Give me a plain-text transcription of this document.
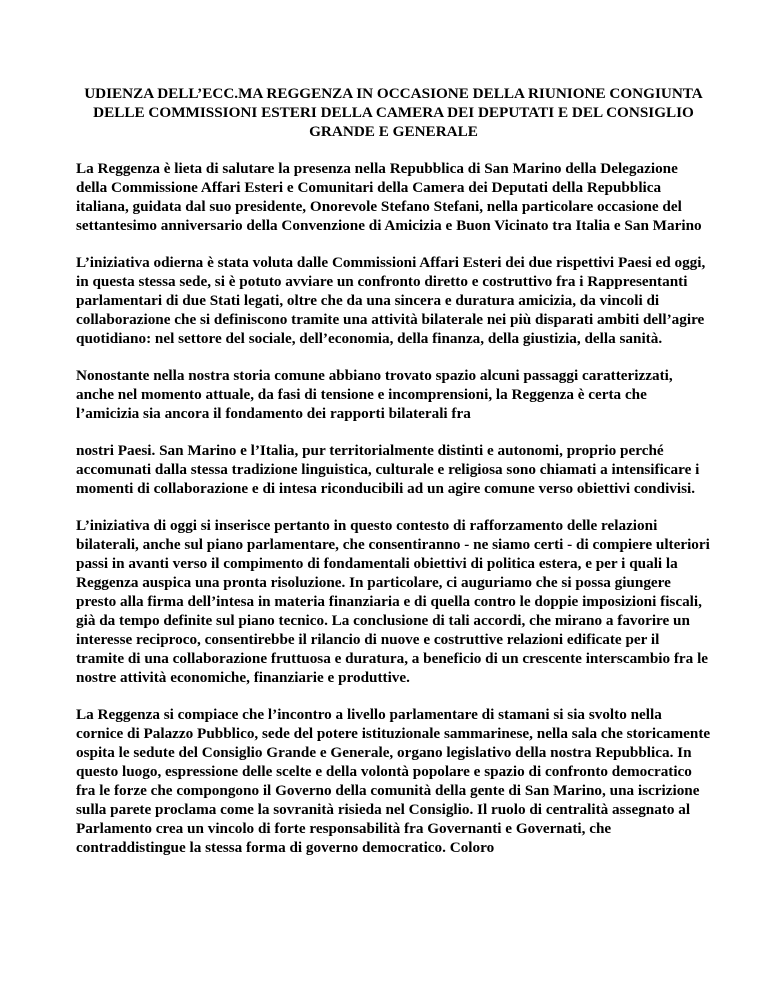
UDIENZA DELL’ECC.MA REGGENZA IN OCCASIONE DELLA RIUNIONE CONGIUNTA DELLE COMMISSIONI ESTERI DELLA CAMERA DEI DEPUTATI E DEL CONSIGLIO GRANDE E GENERALE

La Reggenza è lieta di salutare la presenza nella Repubblica di San Marino della Delegazione della Commissione Affari Esteri e Comunitari della Camera dei Deputati della Repubblica italiana, guidata dal suo presidente, Onorevole Stefano Stefani, nella particolare occasione del settantesimo anniversario della Convenzione di Amicizia e Buon Vicinato tra Italia e San Marino

L’iniziativa odierna è stata voluta dalle Commissioni Affari Esteri dei due rispettivi Paesi ed oggi, in questa stessa sede, si è potuto avviare un confronto diretto e costruttivo fra i Rappresentanti parlamentari di due Stati legati, oltre che da una sincera e duratura amicizia, da vincoli di collaborazione che si definiscono tramite una attività bilaterale nei più disparati ambiti dell’agire quotidiano: nel settore del sociale, dell’economia, della finanza, della giustizia, della sanità.

Nonostante nella nostra storia comune abbiano trovato spazio alcuni passaggi caratterizzati, anche nel momento attuale, da fasi di tensione e incomprensioni, la Reggenza è certa che l’amicizia sia ancora il fondamento dei rapporti bilaterali fra

nostri Paesi. San Marino e l’Italia, pur territorialmente distinti e autonomi, proprio perché accomunati dalla stessa tradizione linguistica, culturale e religiosa sono chiamati a intensificare i momenti di collaborazione e di intesa riconducibili ad un agire comune verso obiettivi condivisi.

L’iniziativa di oggi si inserisce pertanto in questo contesto di rafforzamento delle relazioni bilaterali, anche sul piano parlamentare, che consentiranno - ne siamo certi - di compiere ulteriori passi in avanti verso il compimento di fondamentali obiettivi di politica estera, e per i quali la Reggenza auspica una pronta risoluzione. In particolare, ci auguriamo che si possa giungere presto alla firma dell’intesa in materia finanziaria e di quella contro le doppie imposizioni fiscali, già da tempo definite sul piano tecnico. La conclusione di tali accordi, che mirano a favorire un interesse reciproco, consentirebbe il rilancio di nuove e costruttive relazioni edificate per il tramite di una collaborazione fruttuosa e duratura, a beneficio di un crescente interscambio fra le nostre attività economiche, finanziarie e produttive.

La Reggenza si compiace che l’incontro a livello parlamentare di stamani si sia svolto nella cornice di Palazzo Pubblico, sede del potere istituzionale sammarinese, nella sala che storicamente ospita le sedute del Consiglio Grande e Generale, organo legislativo della nostra Repubblica. In questo luogo, espressione delle scelte e della volontà popolare e spazio di confronto democratico fra le forze che compongono il Governo della comunità della gente di San Marino, una iscrizione sulla parete proclama come la sovranità risieda nel Consiglio. Il ruolo di centralità assegnato al Parlamento crea un vincolo di forte responsabilità fra Governanti e Governati, che contraddistingue la stessa forma di governo democratico. Coloro
